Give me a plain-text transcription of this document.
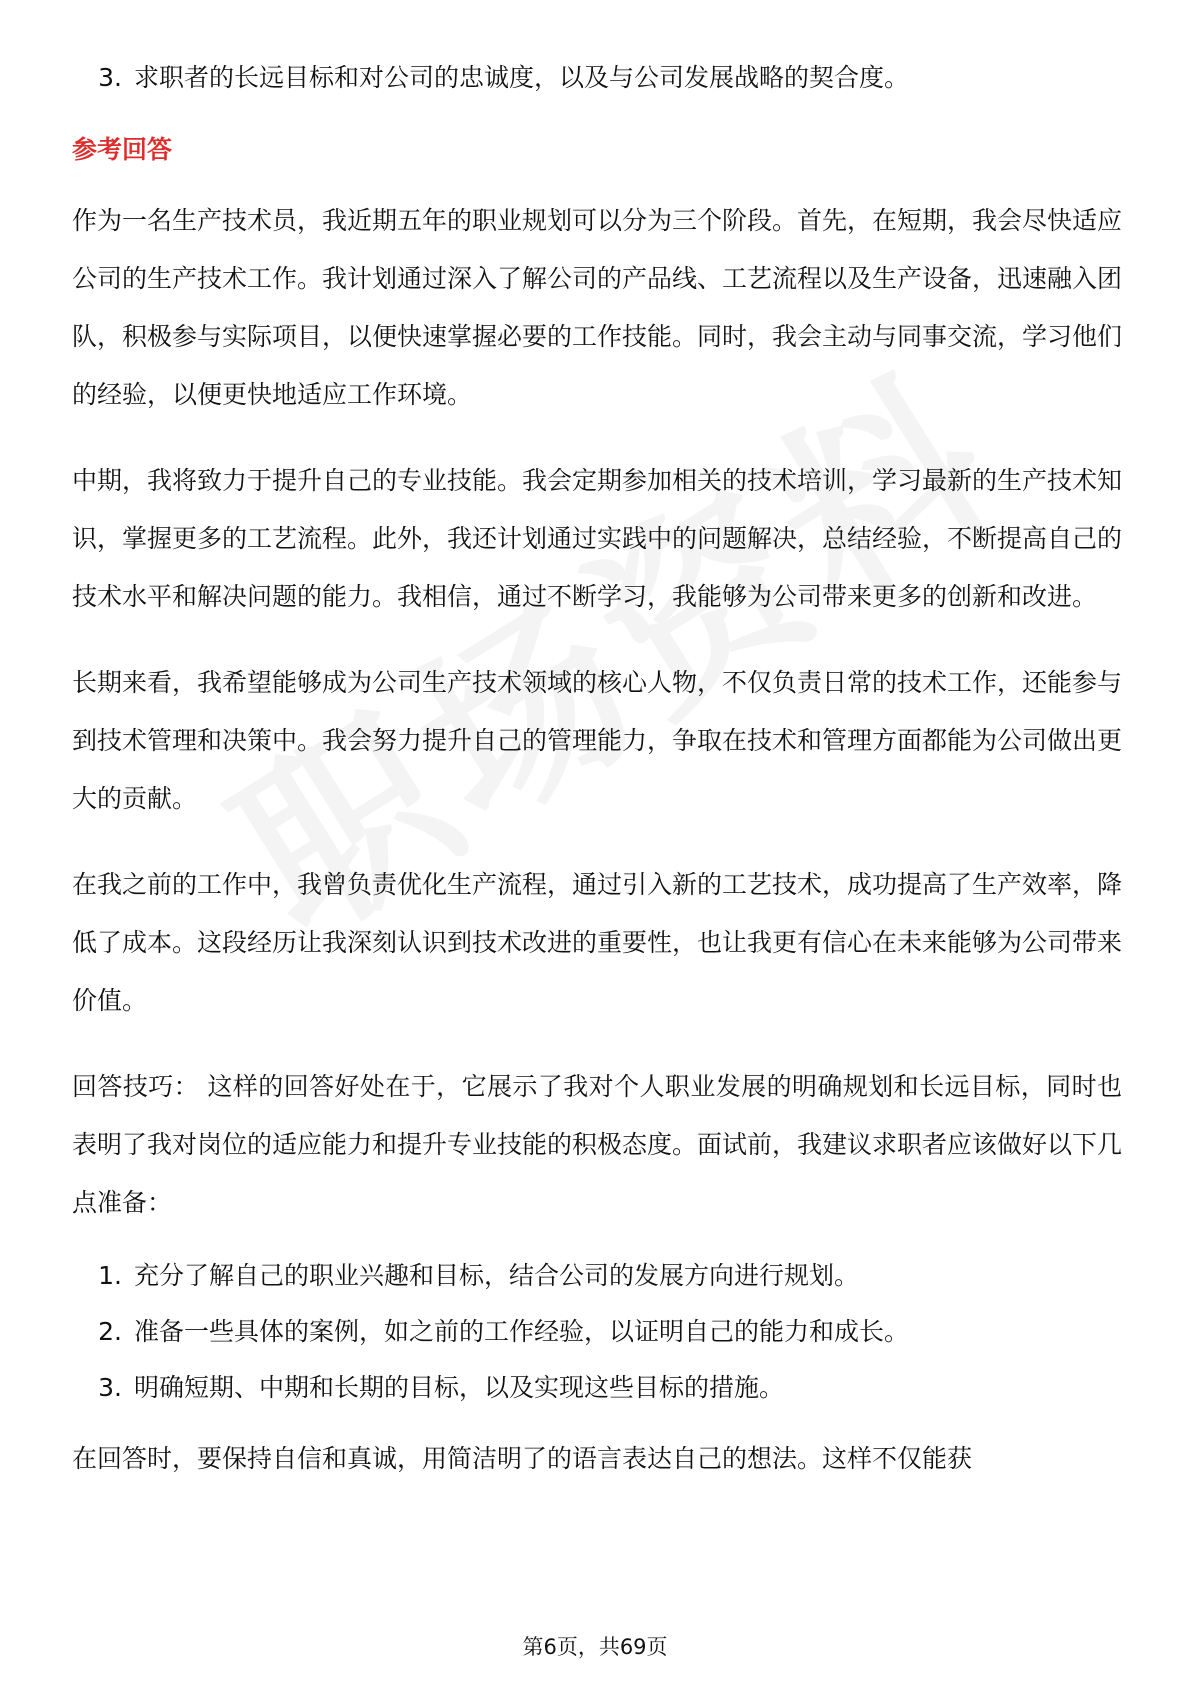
3. 求职者的长远目标和对公司的忠诚度，以及与公司发展战略的契合度。
参考回答

作为一名生产技术员，我近期五年的职业规划可以分为三个阶段。首先，在短期，我会尽快适应公司的生产技术工作。我计划通过深入了解公司的产品线、工艺流程以及生产设备，迅速融入团队，积极参与实际项目，以便快速掌握必要的工作技能。同时，我会主动与同事交流，学习他们的经验，以便更快地适应工作环境。

中期，我将致力于提升自己的专业技能。我会定期参加相关的技术培训，学习最新的生产技术知识，掌握更多的工艺流程。此外，我还计划通过实践中的问题解决，总结经验，不断提高自己的技术水平和解决问题的能力。我相信，通过不断学习，我能够为公司带来更多的创新和改进。

长期来看，我希望能够成为公司生产技术领域的核心人物，不仅负责日常的技术工作，还能参与到技术管理和决策中。我会努力提升自己的管理能力，争取在技术和管理方面都能为公司做出更大的贡献。

在我之前的工作中，我曾负责优化生产流程，通过引入新的工艺技术，成功提高了生产效率，降低了成本。这段经历让我深刻认识到技术改进的重要性，也让我更有信心在未来能够为公司带来价值。

回答技巧： 这样的回答好处在于，它展示了我对个人职业发展的明确规划和长远目标，同时也表明了我对岗位的适应能力和提升专业技能的积极态度。面试前，我建议求职者应该做好以下几点准备：

1. 充分了解自己的职业兴趣和目标，结合公司的发展方向进行规划。
2. 准备一些具体的案例，如之前的工作经验，以证明自己的能力和成长。
3. 明确短期、中期和长期的目标，以及实现这些目标的措施。

在回答时，要保持自信和真诚，用简洁明了的语言表达自己的想法。这样不仅能获

第6页，共69页
